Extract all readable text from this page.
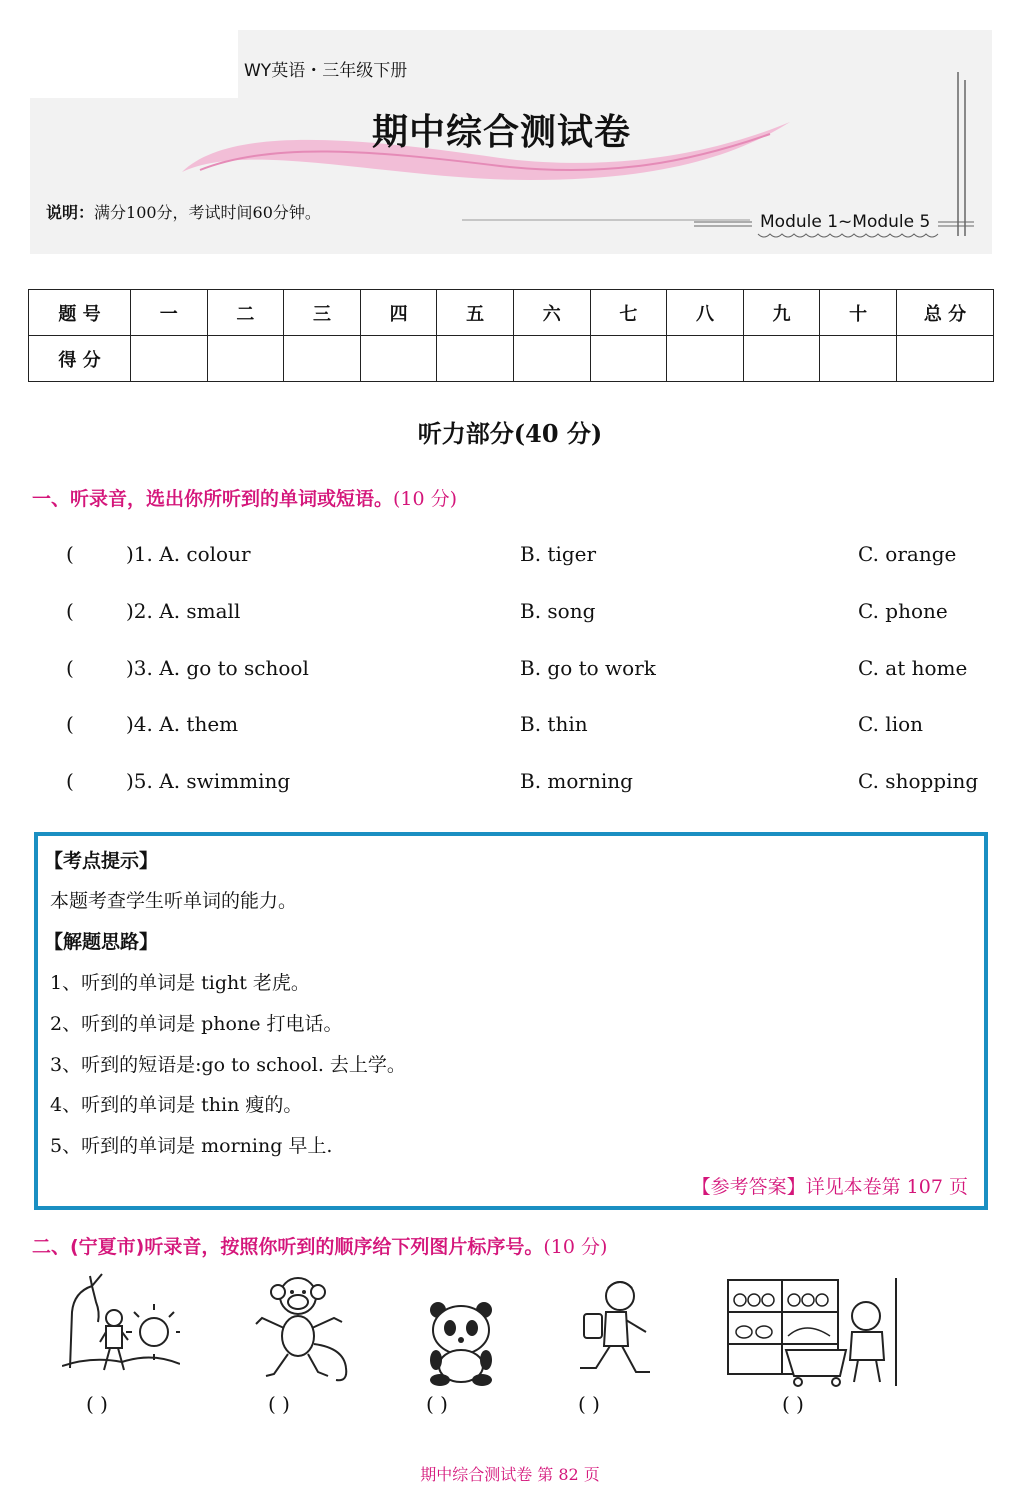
WY英语・三年级下册
期中综合测试卷
说明：满分100分，考试时间60分钟。	Module 1~Module 5
题 号	一	二	三	四	五	六	七	八	九	十	总 分
得 分											
听力部分(40 分)
一、听录音，选出你所听到的单词或短语。(10 分)
(	)1. A. colour	B. tiger	C. orange
(	)2. A. small	B. song	C. phone
(	)3. A. go to school	B. go to work	C. at home
(	)4. A. them	B. thin	C. lion
(	)5. A. swimming	B. morning	C. shopping
【考点提示】
本题考查学生听单词的能力。
【解题思路】
1、听到的单词是 tight 老虎。
2、听到的单词是 phone 打电话。
3、听到的短语是:go to school. 去上学。
4、听到的单词是 thin 瘦的。
5、听到的单词是 morning 早上.
【参考答案】详见本卷第 107 页
二、(宁夏市)听录音，按照你听到的顺序给下列图片标序号。(10 分)
( )	( )	( )	( )	( )
期中综合测试卷 第 82 页
